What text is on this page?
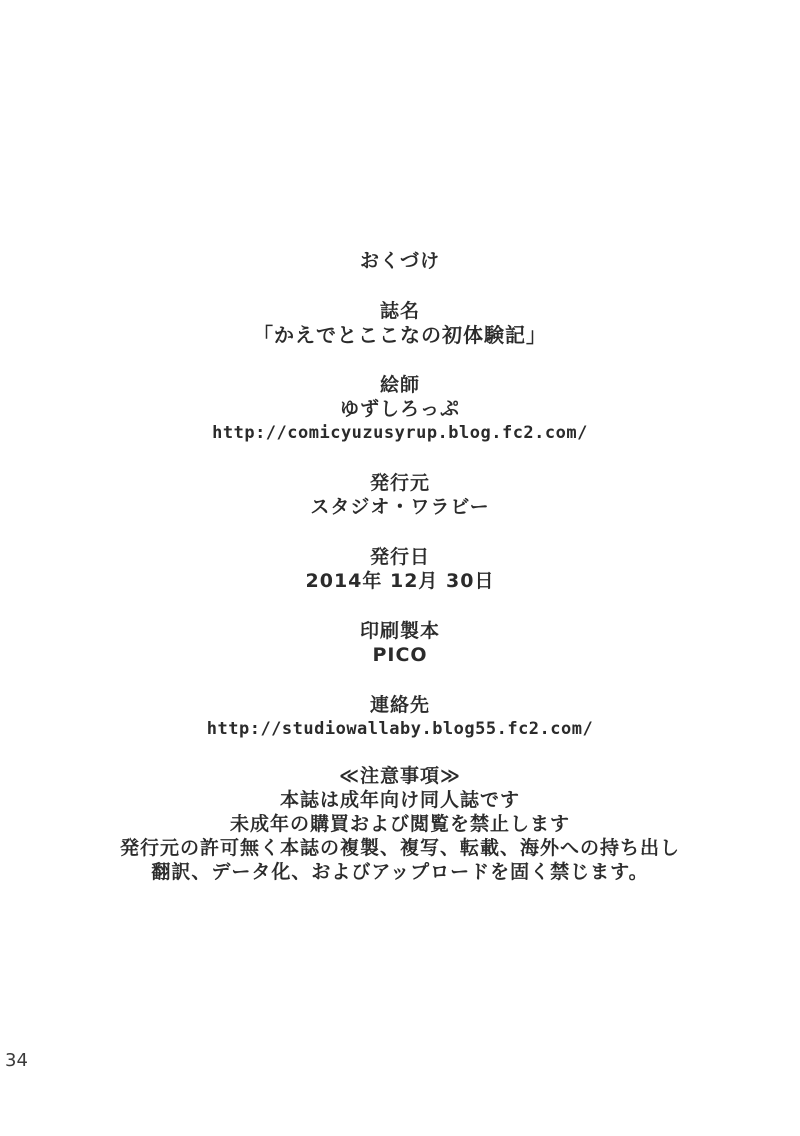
おくづけ
誌名
「かえでとここなの初体験記」
絵師
ゆずしろっぷ
http://comicyuzusyrup.blog.fc2.com/
発行元
スタジオ・ワラビー
発行日
2014年 12月 30日
印刷製本
PICO
連絡先
http://studiowallaby.blog55.fc2.com/
≪注意事項≫
本誌は成年向け同人誌です
未成年の購買および閲覧を禁止します
発行元の許可無く本誌の複製、複写、転載、海外への持ち出し
翻訳、データ化、およびアップロードを固く禁じます。
34
